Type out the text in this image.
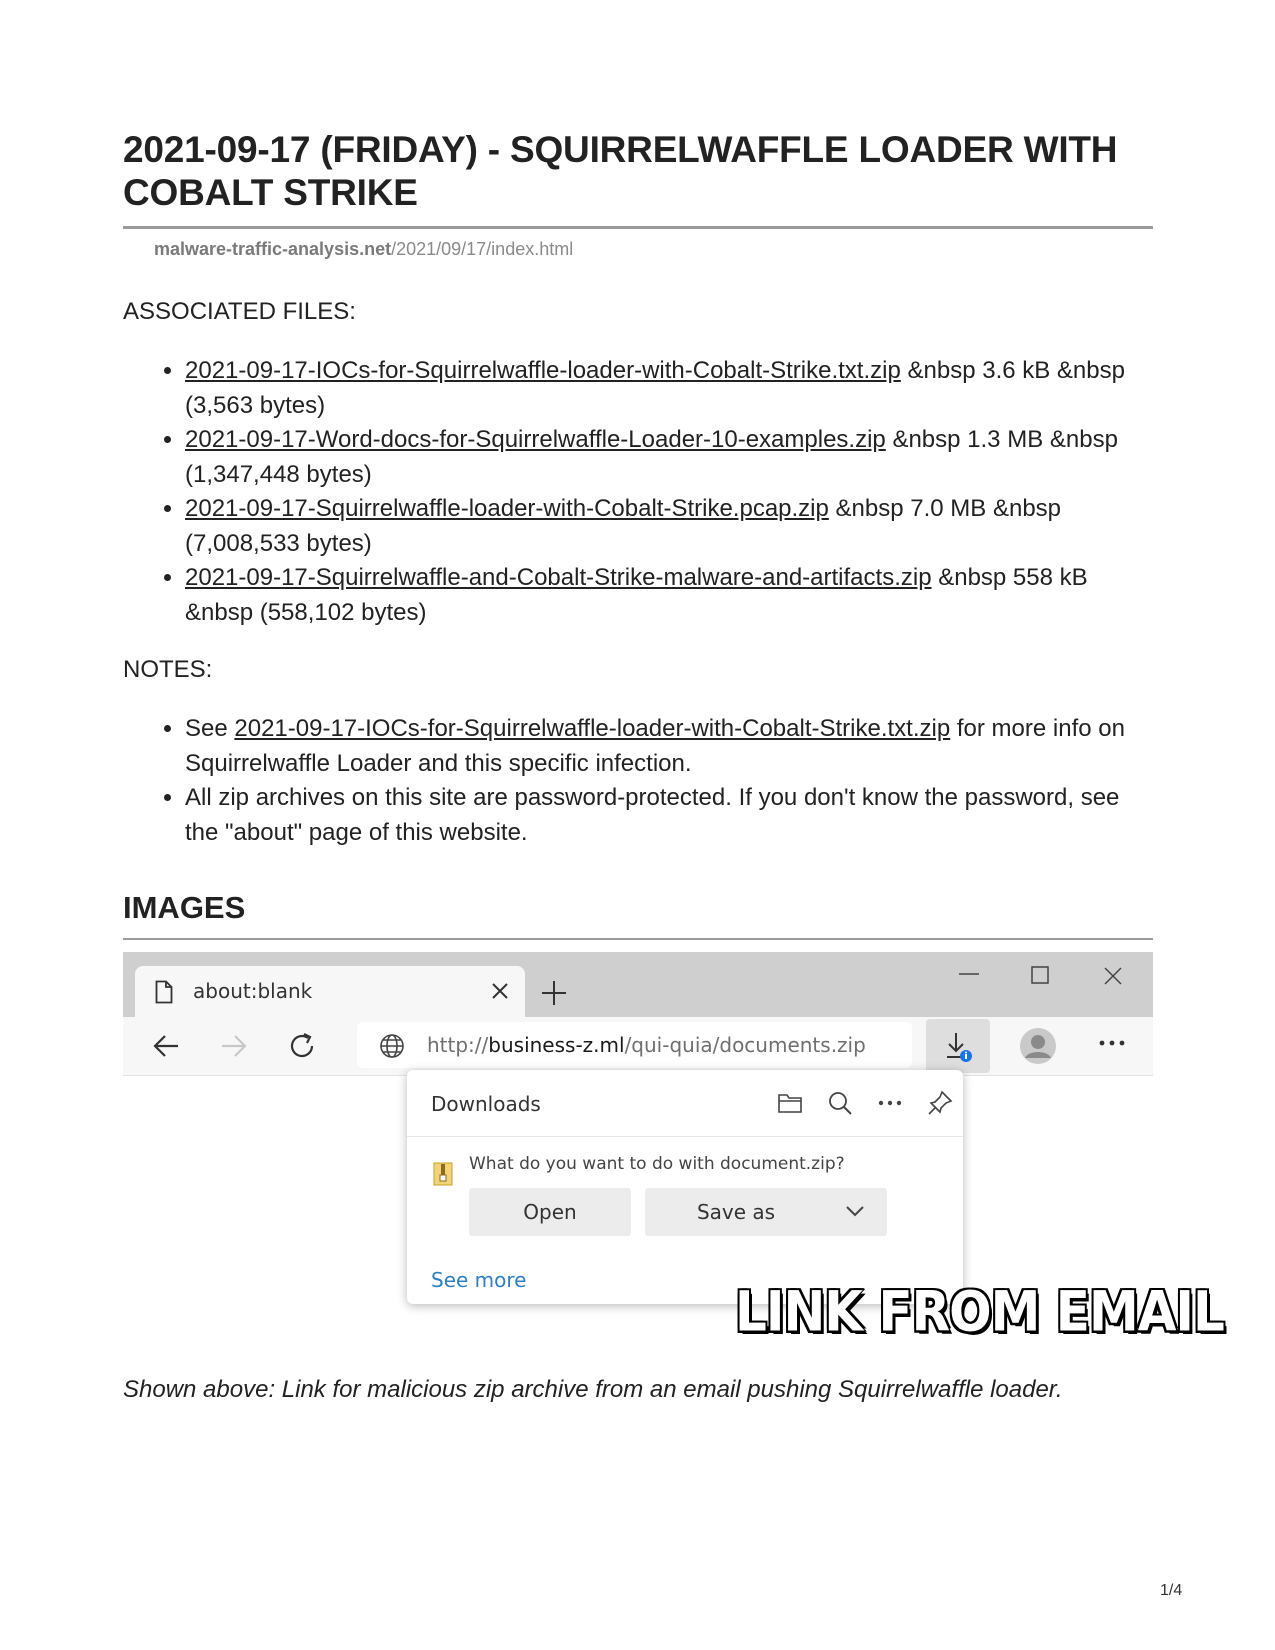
2021-09-17 (FRIDAY) - SQUIRRELWAFFLE LOADER WITH COBALT STRIKE
malware-traffic-analysis.net/2021/09/17/index.html
ASSOCIATED FILES:
• 2021-09-17-IOCs-for-Squirrelwaffle-loader-with-Cobalt-Strike.txt.zip &nbsp 3.6 kB &nbsp (3,563 bytes)
• 2021-09-17-Word-docs-for-Squirrelwaffle-Loader-10-examples.zip &nbsp 1.3 MB &nbsp (1,347,448 bytes)
• 2021-09-17-Squirrelwaffle-loader-with-Cobalt-Strike.pcap.zip &nbsp 7.0 MB &nbsp (7,008,533 bytes)
• 2021-09-17-Squirrelwaffle-and-Cobalt-Strike-malware-and-artifacts.zip &nbsp 558 kB &nbsp (558,102 bytes)
NOTES:
• See 2021-09-17-IOCs-for-Squirrelwaffle-loader-with-Cobalt-Strike.txt.zip for more info on Squirrelwaffle Loader and this specific infection.
• All zip archives on this site are password-protected. If you don't know the password, see the "about" page of this website.
IMAGES
about:blank
http://business-z.ml/qui-quia/documents.zip
Downloads
What do you want to do with document.zip?
Open	Save as
See more	LINK FROM EMAIL
Shown above: Link for malicious zip archive from an email pushing Squirrelwaffle loader.
1/4
